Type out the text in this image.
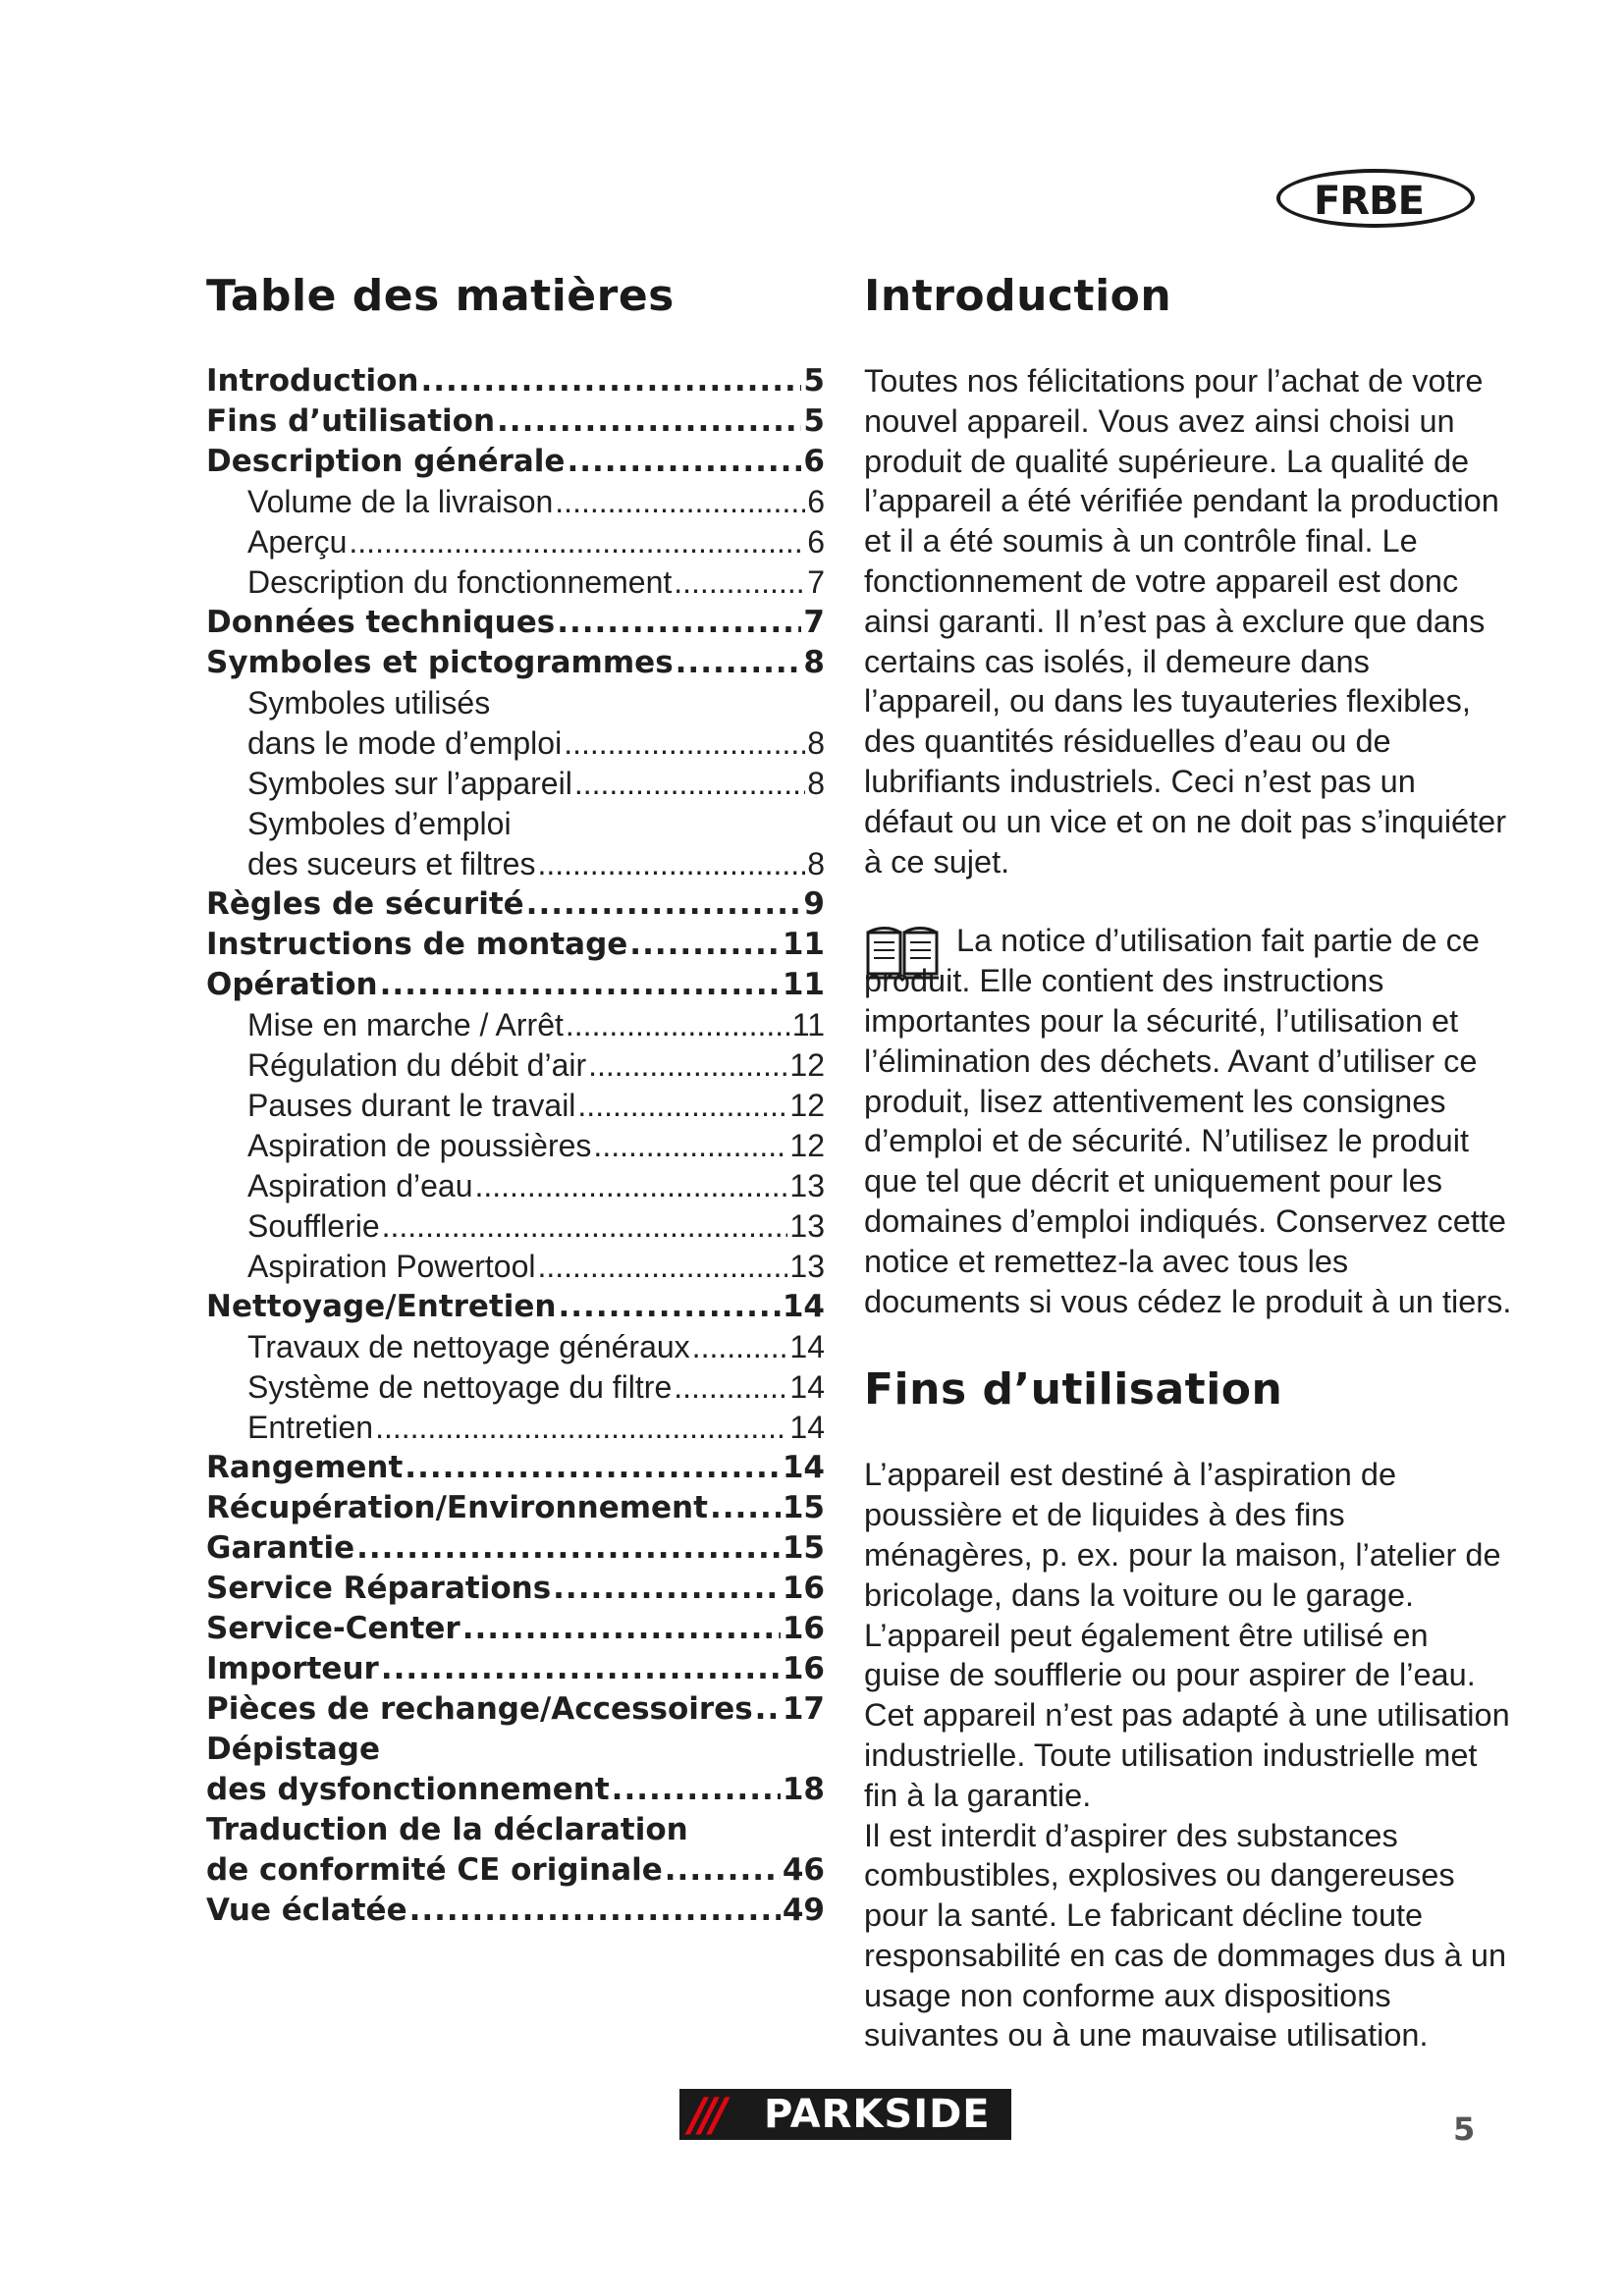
FRBE
Table des matières
Introduction .....	5
Fins d’utilisation .....	5
Description générale .....	6
Volume de la livraison .....	6
Aperçu .....	6
Description du fonctionnement .....	7
Données techniques .....	7
Symboles et pictogrammes .....	8
Symboles utilisés
dans le mode d’emploi .....	8
Symboles sur l’appareil .....	8
Symboles d’emploi
des suceurs et filtres .....	8
Règles de sécurité .....	9
Instructions de montage .....	11
Opération .....	11
Mise en marche / Arrêt .....	11
Régulation du débit d’air .....	12
Pauses durant le travail .....	12
Aspiration de poussières .....	12
Aspiration d’eau .....	13
Soufflerie .....	13
Aspiration Powertool .....	13
Nettoyage/Entretien .....	14
Travaux de nettoyage généraux .....	14
Système de nettoyage du filtre .....	14
Entretien .....	14
Rangement .....	14
Récupération/Environnement ..... 15
Garantie .....	15
Service Réparations .....	16
Service-Center .....	16
Importeur .....	16
Pièces de rechange/Accessoires ..... 17
Dépistage
des dysfonctionnement .....	18
Traduction de la déclaration
de conformité CE originale .....	46
Vue éclatée .....	49
Introduction

Toutes nos félicitations pour l’achat de votre nouvel appareil. Vous avez ainsi choisi un produit de qualité supérieure. La qualité de l’appareil a été vérifiée pendant la production et il a été soumis à un contrôle final. Le fonctionnement de votre appareil est donc ainsi garanti. Il n’est pas à exclure que dans certains cas isolés, il demeure dans l’appareil, ou dans les tuyauteries flexibles, des quantités résiduelles d’eau ou de lubrifiants industriels. Ceci n’est pas un défaut ou un vice et on ne doit pas s’inquiéter à ce sujet.

La notice d’utilisation fait partie de ce produit. Elle contient des instructions importantes pour la sécurité, l’utilisation et l’élimination des déchets. Avant d’utiliser ce produit, lisez attentivement les consignes d’emploi et de sécurité. N’utilisez le produit que tel que décrit et uniquement pour les domaines d’emploi indiqués. Conservez cette notice et remettez-la avec tous les documents si vous cédez le produit à un tiers.

Fins d’utilisation

L’appareil est destiné à l’aspiration de poussière et de liquides à des fins ménagères, p. ex. pour la maison, l’atelier de bricolage, dans la voiture ou le garage. L’appareil peut également être utilisé en guise de soufflerie ou pour aspirer de l’eau.

Cet appareil n’est pas adapté à une utilisation industrielle. Toute utilisation industrielle met fin à la garantie.

Il est interdit d’aspirer des substances combustibles, explosives ou dangereuses pour la santé. Le fabricant décline toute responsabilité en cas de dommages dus à un usage non conforme aux dispositions suivantes ou à une mauvaise utilisation.

/// PARKSIDE	5
